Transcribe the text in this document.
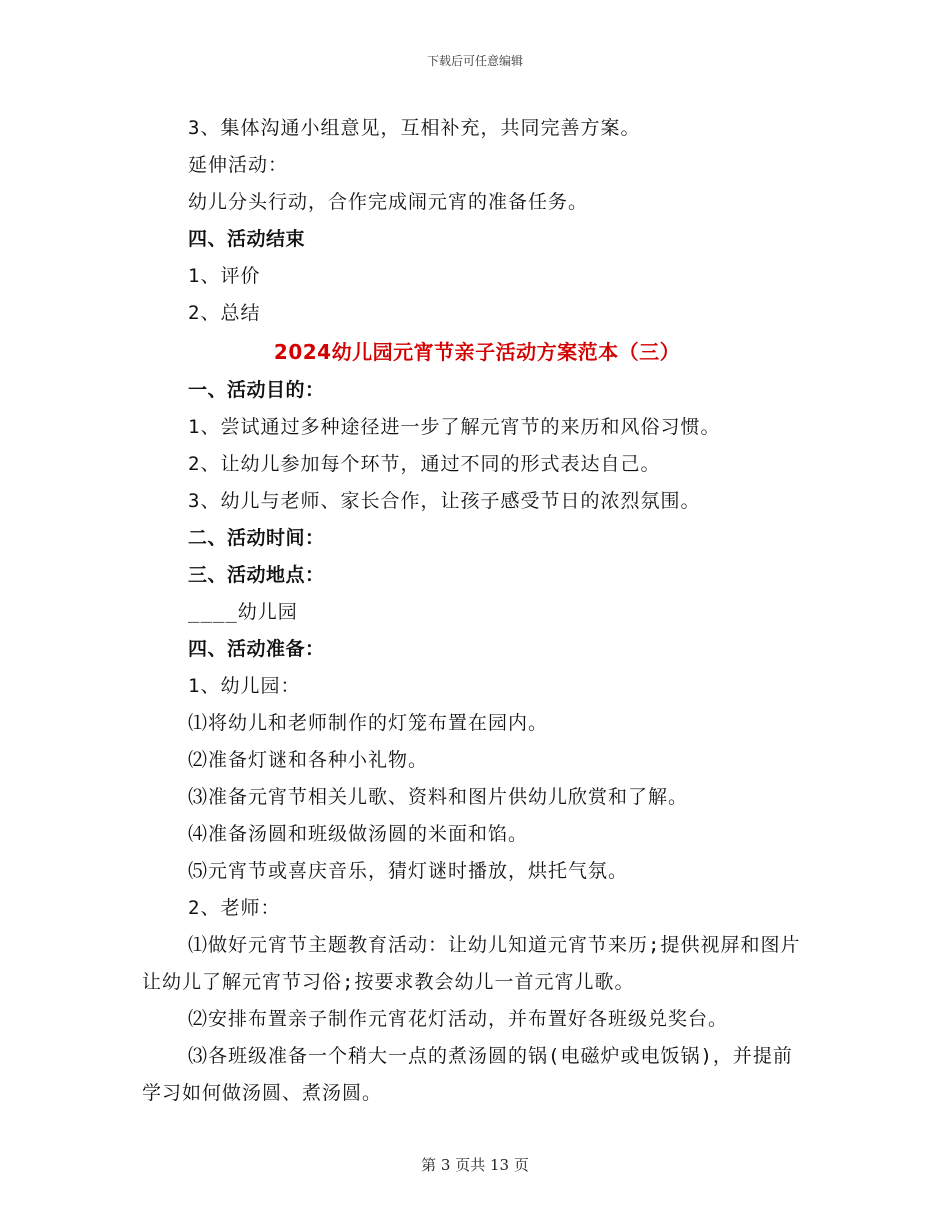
下载后可任意编辑
3、集体沟通小组意见，互相补充，共同完善方案。
延伸活动：
幼儿分头行动，合作完成闹元宵的准备任务。
四、活动结束
1、评价
2、总结
2024幼儿园元宵节亲子活动方案范本（三）
一、活动目的：
1、尝试通过多种途径进一步了解元宵节的来历和风俗习惯。
2、让幼儿参加每个环节，通过不同的形式表达自己。
3、幼儿与老师、家长合作，让孩子感受节日的浓烈氛围。
二、活动时间：
三、活动地点：
____幼儿园
四、活动准备：
1、幼儿园：
⑴将幼儿和老师制作的灯笼布置在园内。
⑵准备灯谜和各种小礼物。
⑶准备元宵节相关儿歌、资料和图片供幼儿欣赏和了解。
⑷准备汤圆和班级做汤圆的米面和馅。
⑸元宵节或喜庆音乐，猜灯谜时播放，烘托气氛。
2、老师：
⑴做好元宵节主题教育活动：让幼儿知道元宵节来历;提供视屏和图片让幼儿了解元宵节习俗;按要求教会幼儿一首元宵儿歌。
⑵安排布置亲子制作元宵花灯活动，并布置好各班级兑奖台。
⑶各班级准备一个稍大一点的煮汤圆的锅(电磁炉或电饭锅)，并提前学习如何做汤圆、煮汤圆。
第 3 页共 13 页
